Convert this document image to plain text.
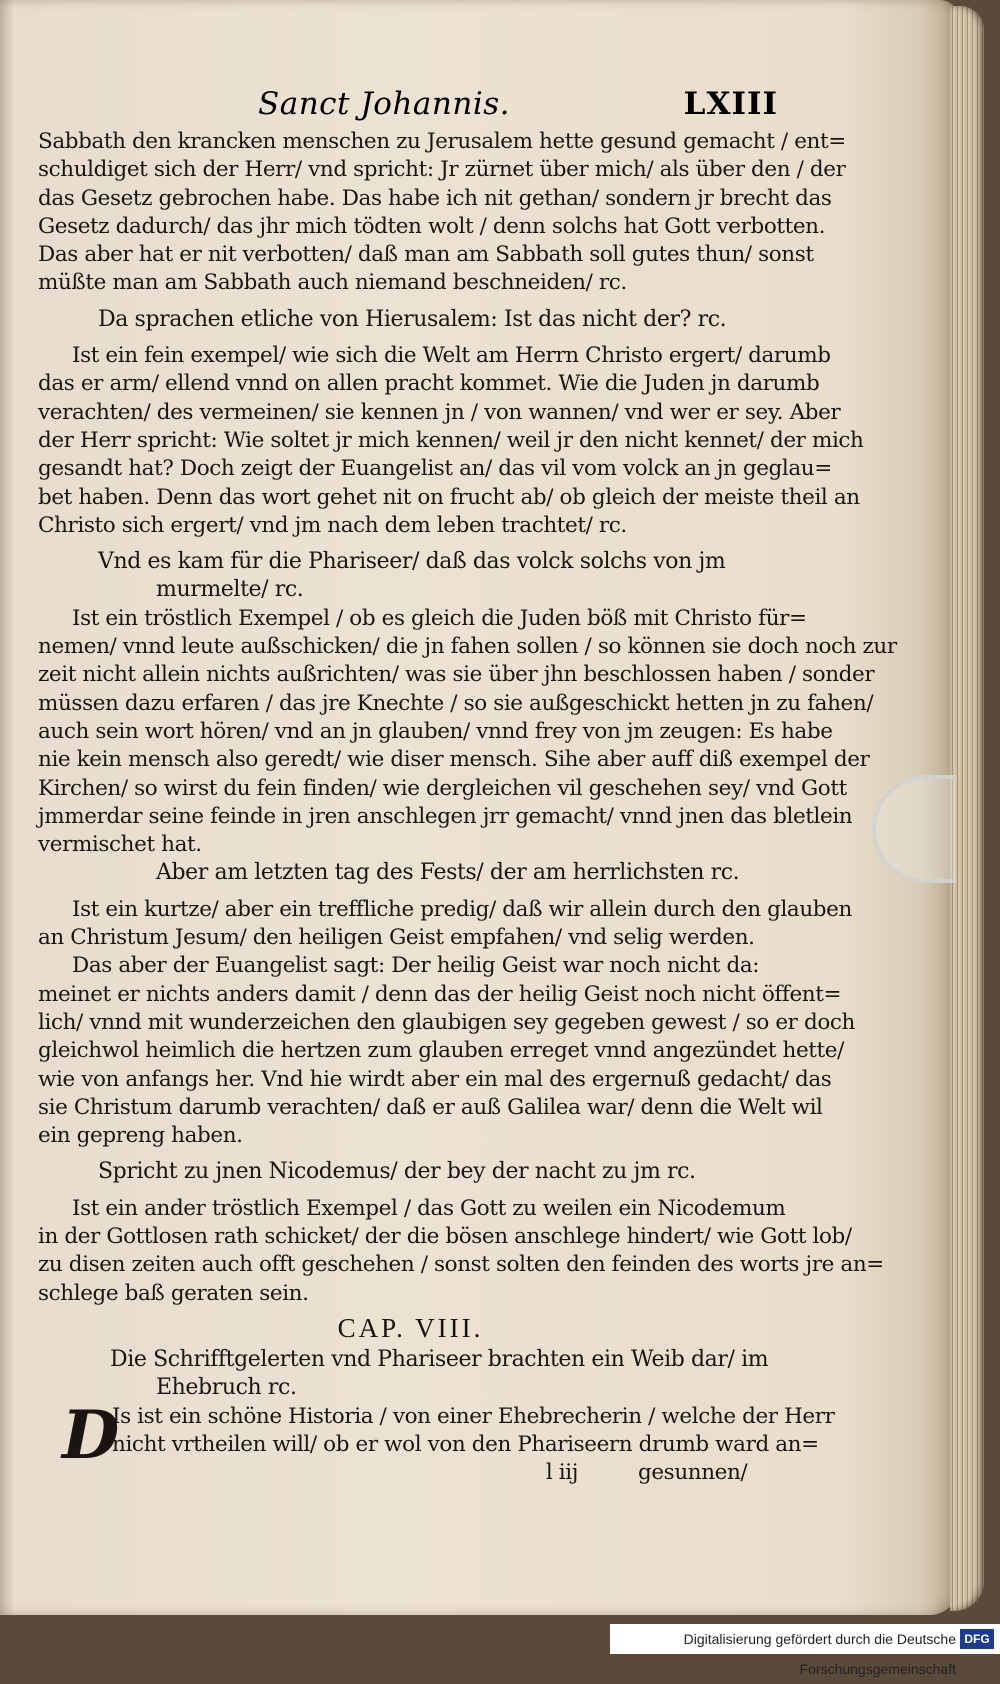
Sanct Johannis.	LXIII
Sabbath den krancken menschen zu Jerusalem hette gesund gemacht / ent=
schuldiget sich der Herr/ vnd spricht: Jr zürnet über mich/ als über den / der
das Gesetz gebrochen habe. Das habe ich nit gethan/ sondern jr brecht das
Gesetz dadurch/ das jhr mich tödten wolt / denn solchs hat Gott verbotten.
Das aber hat er nit verbotten/ daß man am Sabbath soll gutes thun/ sonst
müßte man am Sabbath auch niemand beschneiden/ rc.
Da sprachen etliche von Hierusalem: Ist das nicht der? rc.
Ist ein fein exempel/ wie sich die Welt am Herrn Christo ergert/ darumb
das er arm/ ellend vnnd on allen pracht kommet. Wie die Juden jn darumb
verachten/ des vermeinen/ sie kennen jn / von wannen/ vnd wer er sey. Aber
der Herr spricht: Wie soltet jr mich kennen/ weil jr den nicht kennet/ der mich
gesandt hat? Doch zeigt der Euangelist an/ das vil vom volck an jn geglau=
bet haben. Denn das wort gehet nit on frucht ab/ ob gleich der meiste theil an
Christo sich ergert/ vnd jm nach dem leben trachtet/ rc.
Vnd es kam für die Phariseer/ daß das volck solchs von jm
murmelte/ rc.
Ist ein tröstlich Exempel / ob es gleich die Juden böß mit Christo für=
nemen/ vnnd leute außschicken/ die jn fahen sollen / so können sie doch noch zur
zeit nicht allein nichts außrichten/ was sie über jhn beschlossen haben / sonder
müssen dazu erfaren / das jre Knechte / so sie außgeschickt hetten jn zu fahen/
auch sein wort hören/ vnd an jn glauben/ vnnd frey von jm zeugen: Es habe
nie kein mensch also geredt/ wie diser mensch. Sihe aber auff diß exempel der
Kirchen/ so wirst du fein finden/ wie dergleichen vil geschehen sey/ vnd Gott
jmmerdar seine feinde in jren anschlegen jrr gemacht/ vnnd jnen das bletlein
vermischet hat.
Aber am letzten tag des Fests/ der am herrlichsten rc.
Ist ein kurtze/ aber ein treffliche predig/ daß wir allein durch den glauben
an Christum Jesum/ den heiligen Geist empfahen/ vnd selig werden.
Das aber der Euangelist sagt: Der heilig Geist war noch nicht da:
meinet er nichts anders damit / denn das der heilig Geist noch nicht öffent=
lich/ vnnd mit wunderzeichen den glaubigen sey gegeben gewest / so er doch
gleichwol heimlich die hertzen zum glauben erreget vnnd angezündet hette/
wie von anfangs her. Vnd hie wirdt aber ein mal des ergernuß gedacht/ das
sie Christum darumb verachten/ daß er auß Galilea war/ denn die Welt wil
ein gepreng haben.
Spricht zu jnen Nicodemus/ der bey der nacht zu jm rc.
Ist ein ander tröstlich Exempel / das Gott zu weilen ein Nicodemum
in der Gottlosen rath schicket/ der die bösen anschlege hindert/ wie Gott lob/
zu disen zeiten auch offt geschehen / sonst solten den feinden des worts jre an=
schlege baß geraten sein.
CAP. VIII.
Die Schrifftgelerten vnd Phariseer brachten ein Weib dar/ im
Ehebruch rc.
D
Is ist ein schöne Historia / von einer Ehebrecherin / welche der Herr
nicht vrtheilen will/ ob er wol von den Phariseern drumb ward an=
l iij	gesunnen/
Digitalisierung gefördert durch die Deutsche Forschungsgemeinschaft
DFG
